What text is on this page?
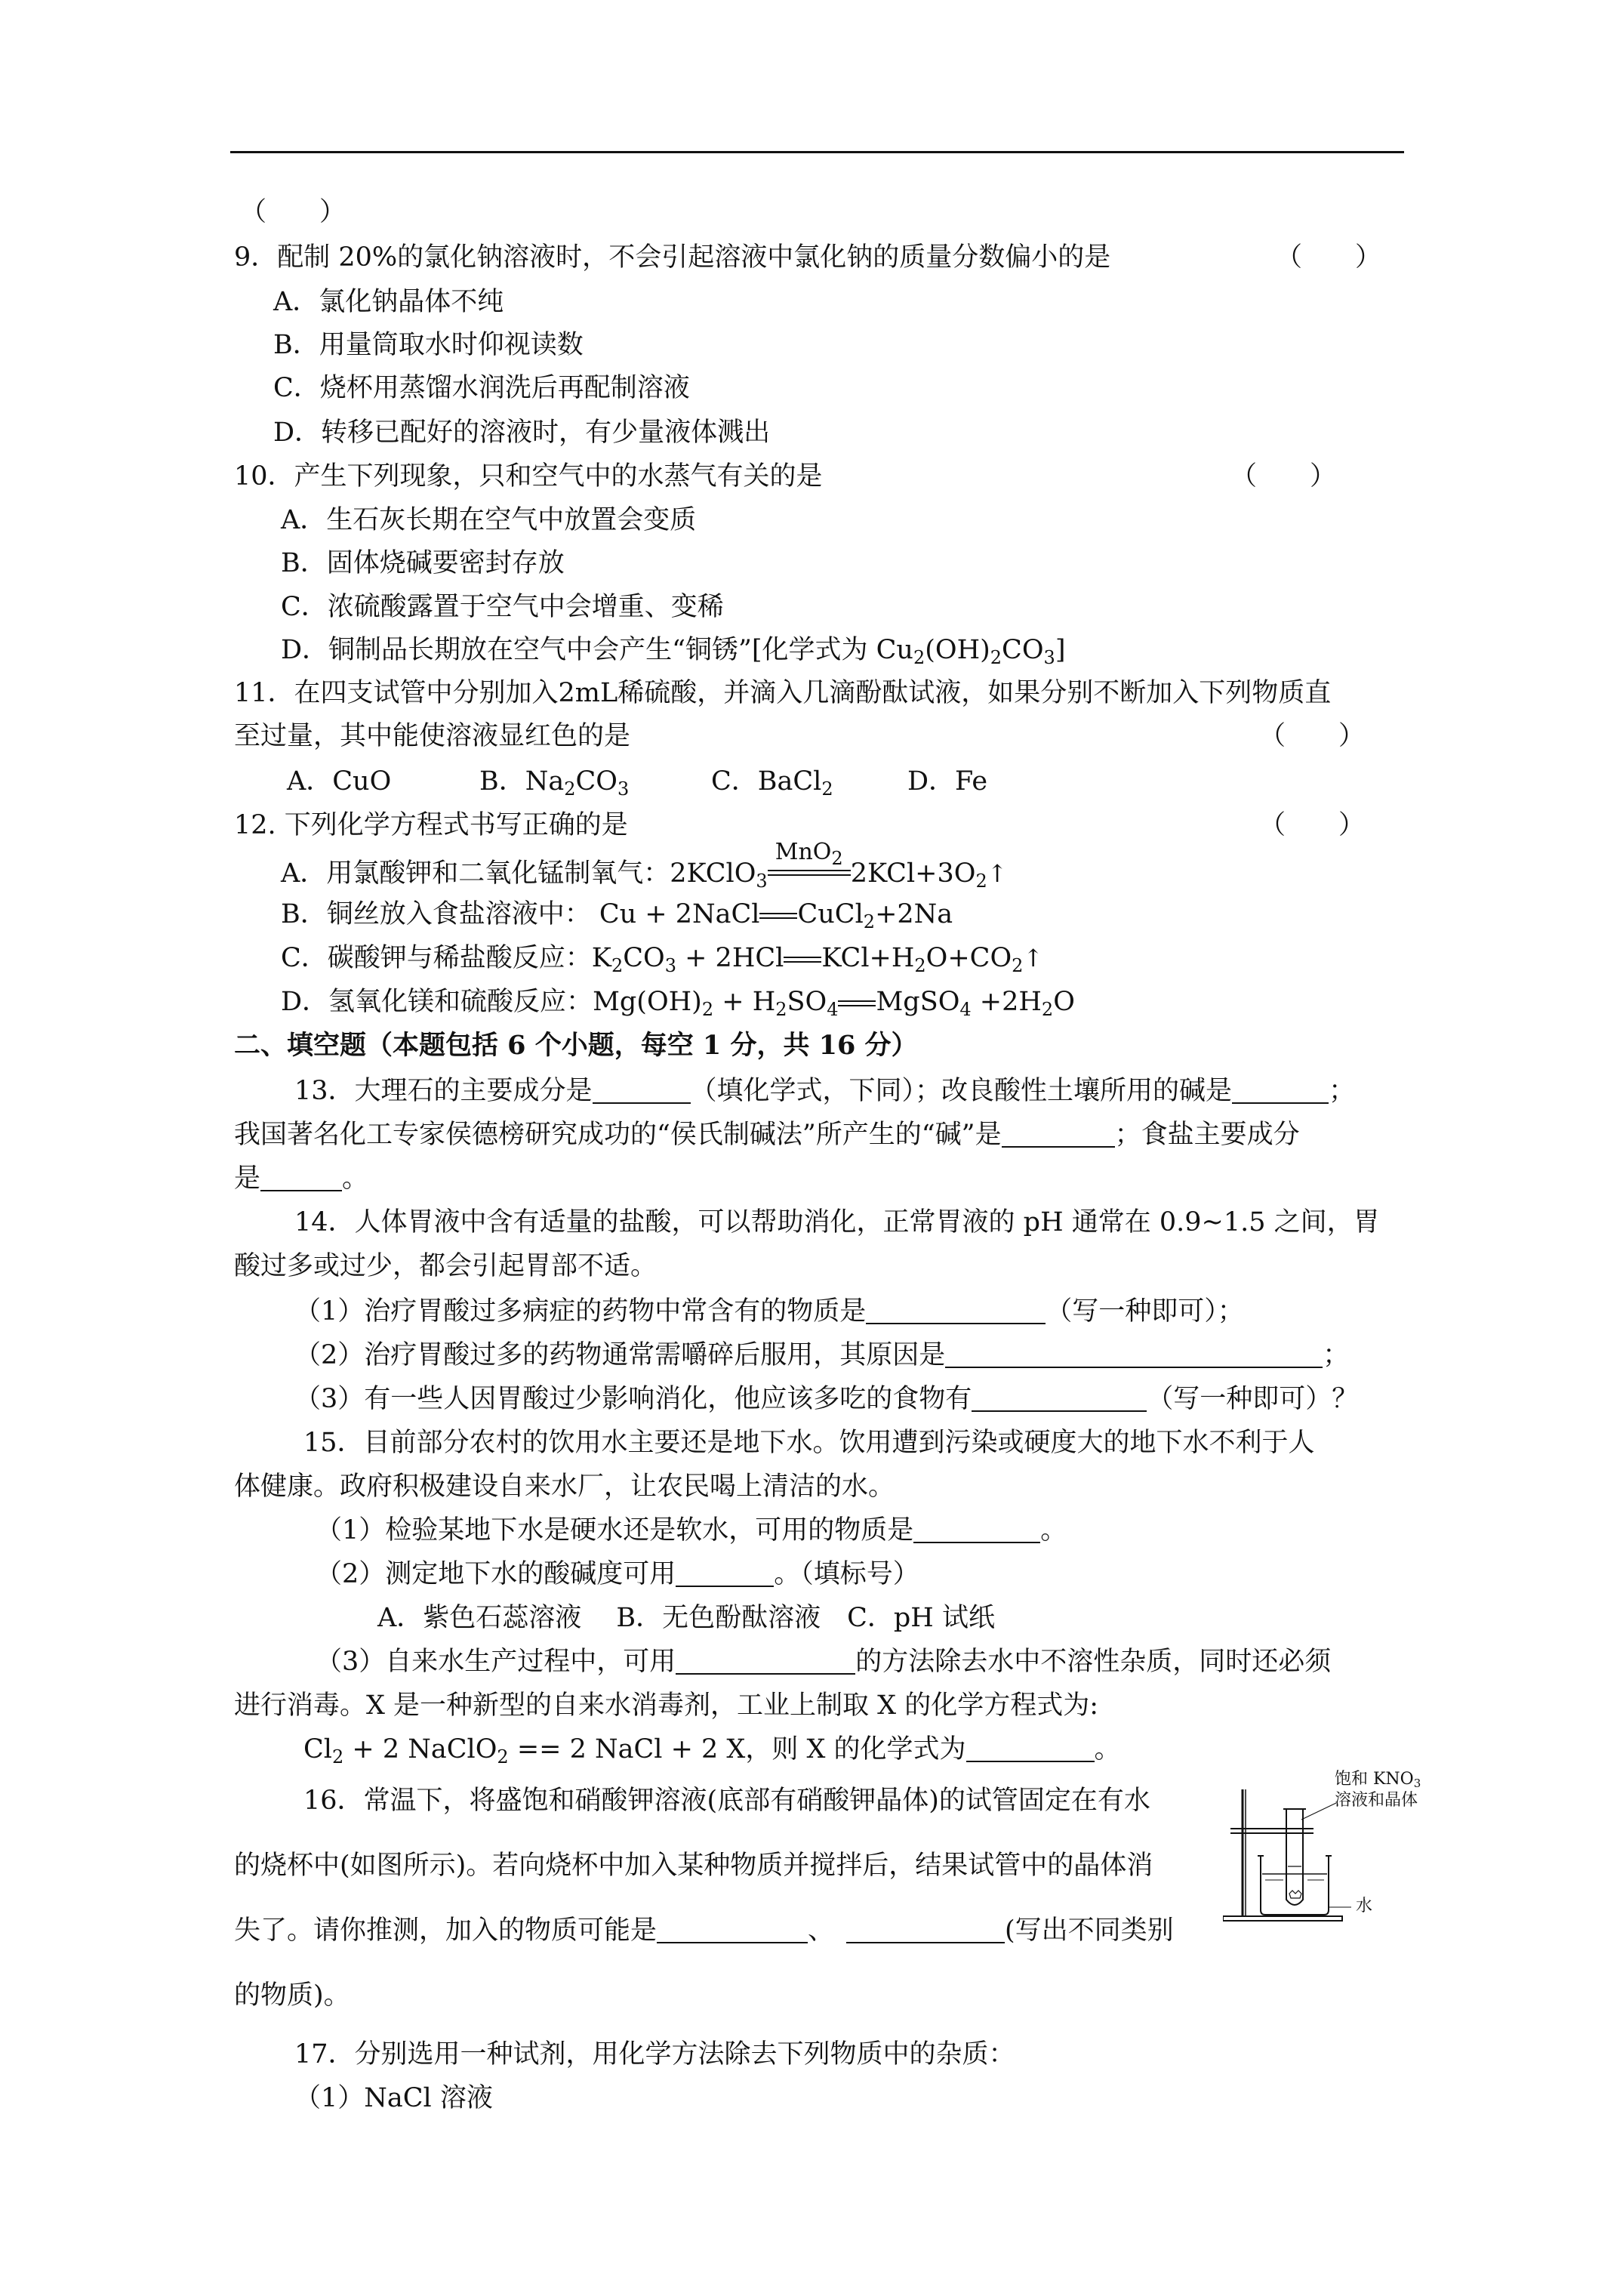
（　　）
9．配制 20%的氯化钠溶液时，不会引起溶液中氯化钠的质量分数偏小的是	（　　）
A．氯化钠晶体不纯
B．用量筒取水时仰视读数
C．烧杯用蒸馏水润洗后再配制溶液
D．转移已配好的溶液时，有少量液体溅出
10．产生下列现象，只和空气中的水蒸气有关的是	（　　）
A．生石灰长期在空气中放置会变质
B．固体烧碱要密封存放
C．浓硫酸露置于空气中会增重、变稀
D．铜制品长期放在空气中会产生“铜锈”[化学式为 $Cu_2(OH)_2CO_3$]
11．在四支试管中分别加入2mL稀硫酸，并滴入几滴酚酞试液，如果分别不断加入下列物质直
至过量，其中能使溶液显红色的是	（　　）
A．CuO	B．$Na_2CO_3$	C．BaCl$_2$	D．Fe
12. 下列化学方程式书写正确的是	（　　）
A．用氯酸钾和二氧化锰制氧气：2KClO$_3$
MnO$_2$ $2KCl+3O_2↑$
B．铜丝放入食盐溶液中： Cu + 2NaCl CuCl$_2$+2Na
C．碳酸钾与稀盐酸反应：$K_2CO_3 + 2HCl$ $KCl+H_2O+CO_2↑$
D．氢氧化镁和硫酸反应：$Mg(OH)_2 + H_2SO_4$ MgSO$_4$ $+2H_2O$
二、填空题（本题包括 6 个小题，每空 1 分，共 16 分）
13．大理石的主要成分是	（填化学式，下同）；改良酸性土壤所用的碱是	；
我国著名化工专家侯德榜研究成功的“侯氏制碱法”所产生的“碱”是	；食盐主要成分
是	。
14．人体胃液中含有适量的盐酸，可以帮助消化，正常胃液的 pH 通常在 0.9~1.5 之间，胃
酸过多或过少，都会引起胃部不适。
（1）治疗胃酸过多病症的药物中常含有的物质是	（写一种即可）；
（2）治疗胃酸过多的药物通常需嚼碎后服用，其原因是	；
（3）有一些人因胃酸过少影响消化，他应该多吃的食物有	（写一种即可）？
15．目前部分农村的饮用水主要还是地下水。饮用遭到污染或硬度大的地下水不利于人
体健康。政府积极建设自来水厂，让农民喝上清洁的水。
（1）检验某地下水是硬水还是软水，可用的物质是	。
（2）测定地下水的酸碱度可用	。（填标号）
A．紫色石蕊溶液　 B．无色酚酞溶液　C．pH 试纸
（3）自来水生产过程中，可用	的方法除去水中不溶性杂质，同时还必须
进行消毒。X 是一种新型的自来水消毒剂，工业上制取 X 的化学方程式为:
$Cl_2 + 2$ NaClO$_2$ == 2 NaCl + 2 X，则 X 的化学式为	。
16．常温下，将盛饱和硝酸钾溶液(底部有硝酸钾晶体)的试管固定在有水
的烧杯中(如图所示)。若向烧杯中加入某种物质并搅拌后，结果试管中的晶体消
失了。请你推测，加入的物质可能是	、	(写出不同类别
的物质)。
饱和 $KNO_3$
溶液和晶体
水
17．分别选用一种试剂，用化学方法除去下列物质中的杂质：
（1）NaCl 溶液
